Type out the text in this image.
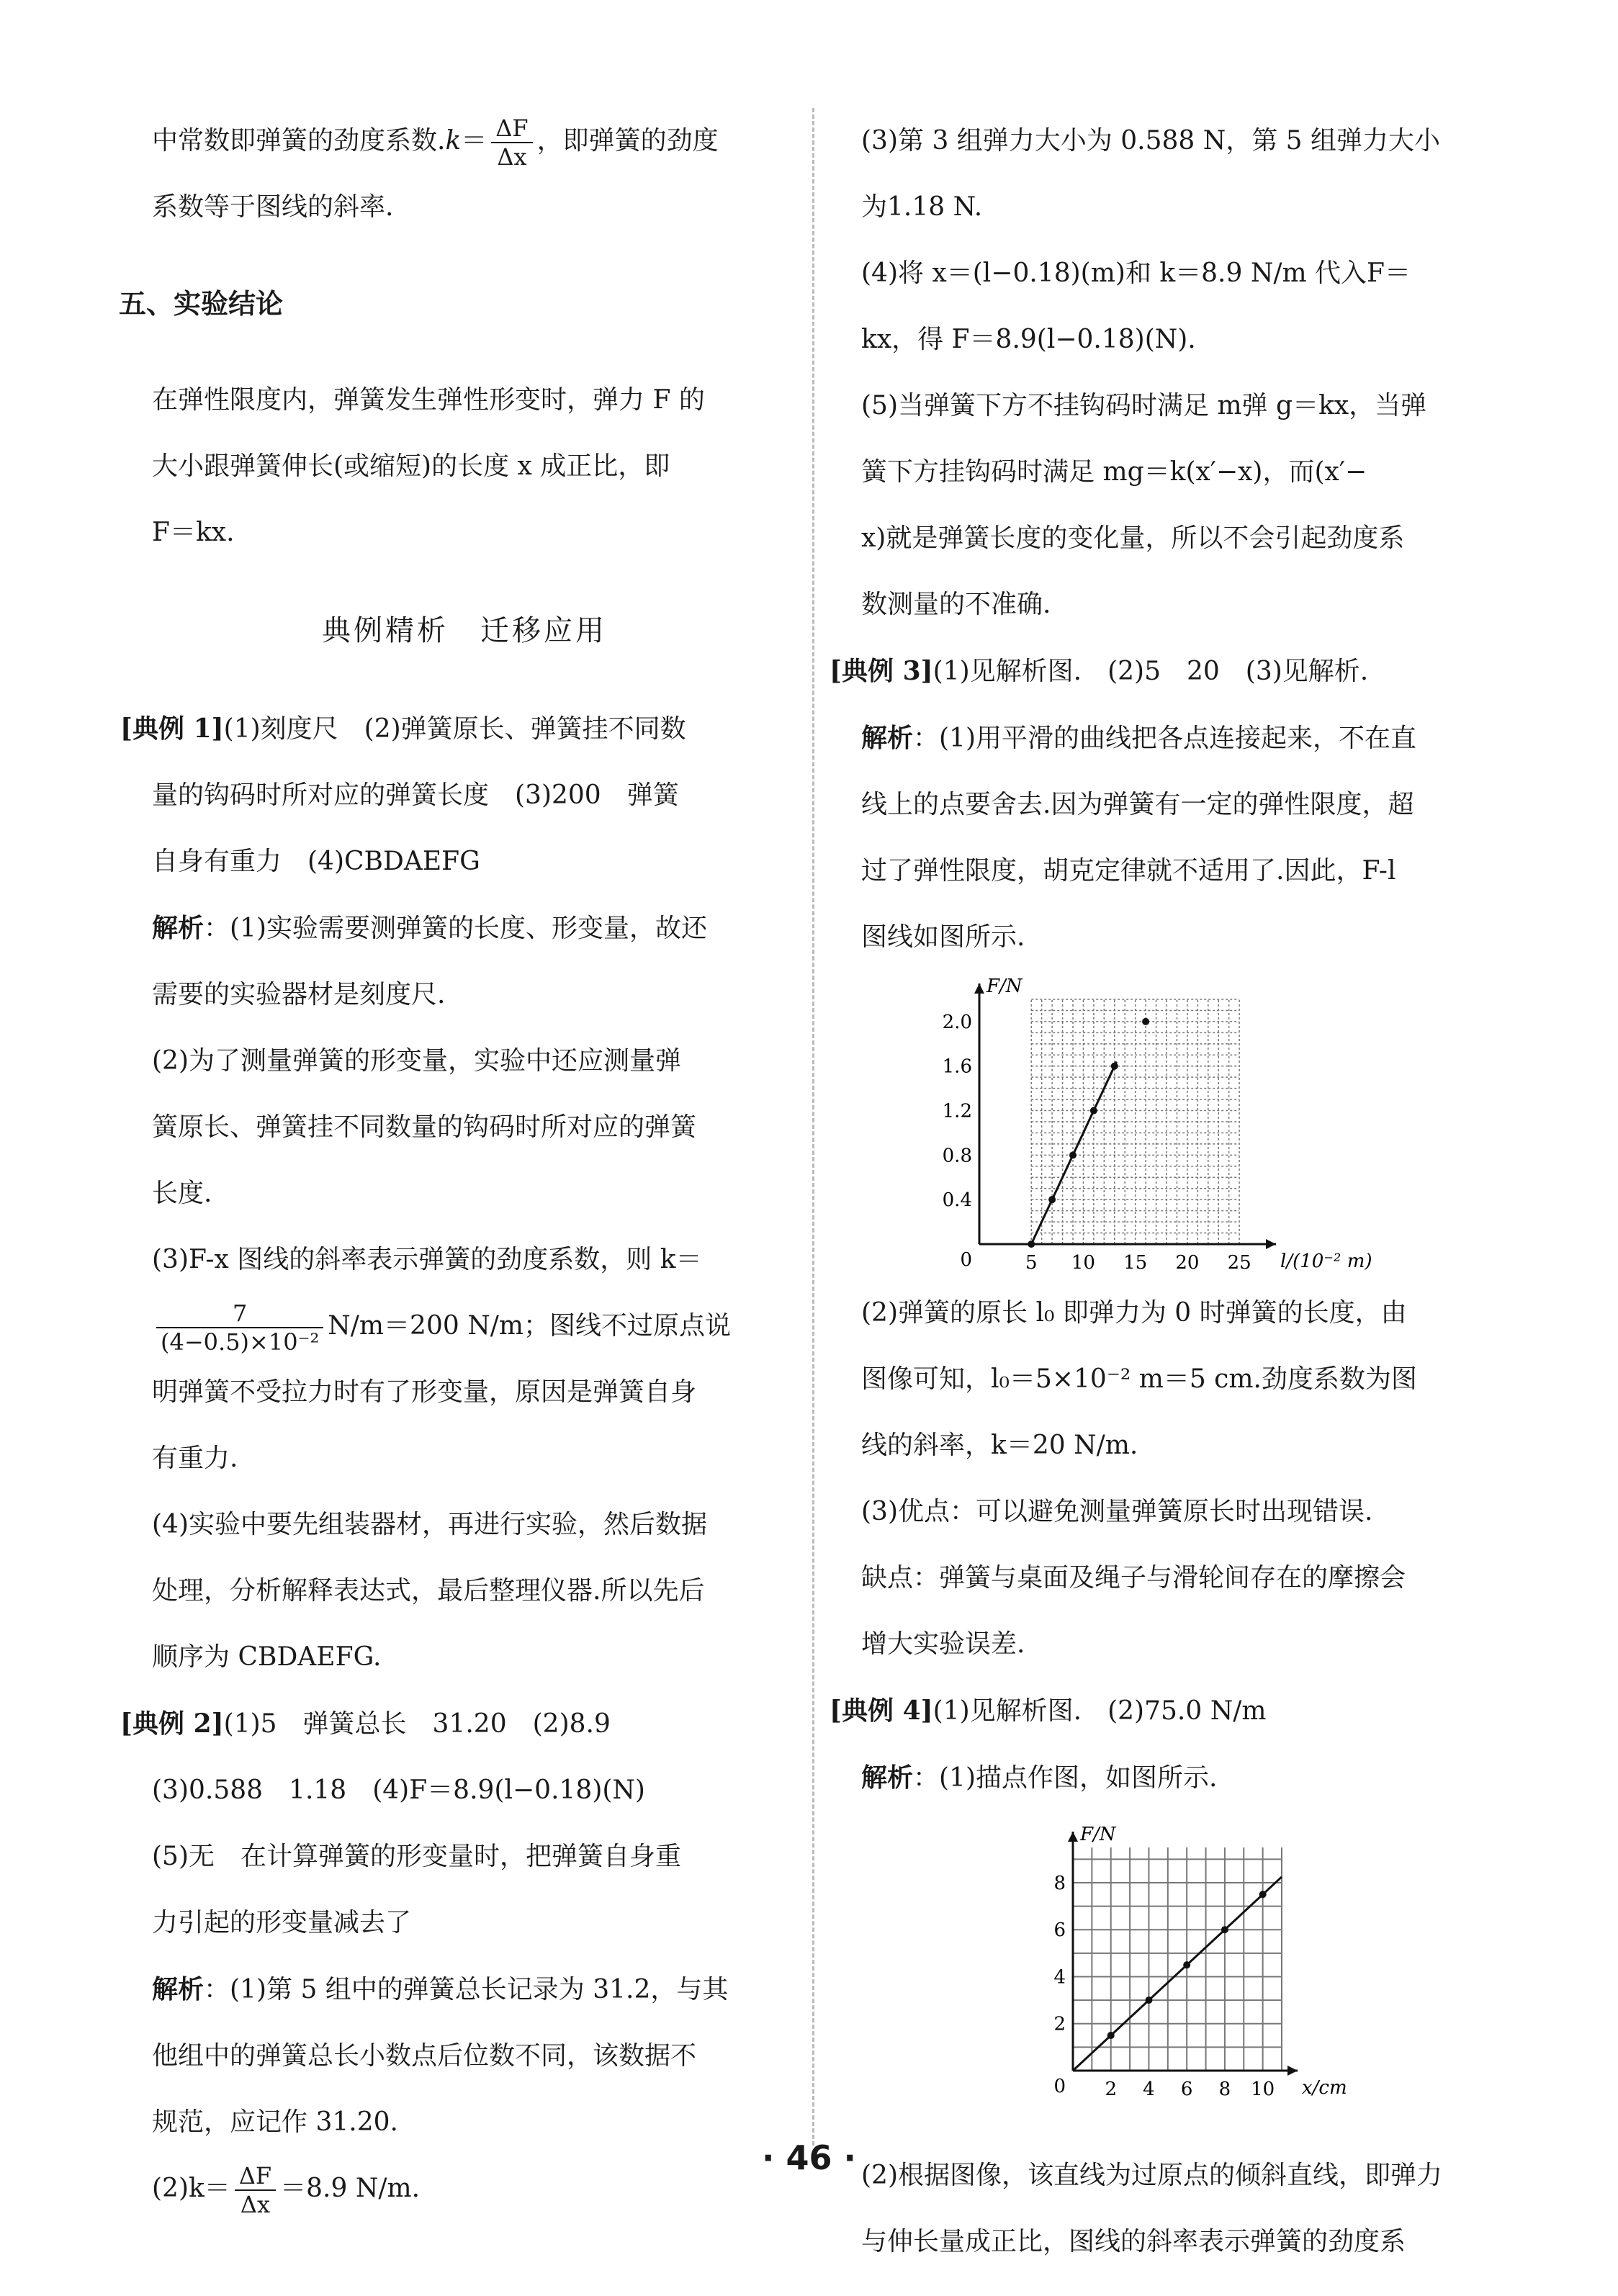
中常数即弹簧的劲度系数$.k= \frac{\Delta F}{\Delta x}$ ，即弹簧的劲度

系数等于图线的斜率.

五、实验结论

在弹性限度内，弹簧发生弹性形变时，弹力 F 的

大小跟弹簧伸长(或缩短)的长度 x 成正比，即

F＝kx.

典例精析　迁移应用

[典例 1](1)刻度尺　(2)弹簧原长、弹簧挂不同数

量的钩码时所对应的弹簧长度　(3)200　弹簧

自身有重力　(4)CBDAEFG

解析：(1)实验需要测弹簧的长度、形变量，故还

需要的实验器材是刻度尺.

(2)为了测量弹簧的形变量，实验中还应测量弹

簧原长、弹簧挂不同数量的钩码时所对应的弹簧

长度.

(3)F-x 图线的斜率表示弹簧的劲度系数，则 k＝

$\frac{7}{\text{(4−0.5)×10⁻²}} N/m=200$ N/m；图线不过原点说

明弹簧不受拉力时有了形变量，原因是弹簧自身

有重力.

(4)实验中要先组装器材，再进行实验，然后数据

处理，分析解释表达式，最后整理仪器.所以先后

顺序为 CBDAEFG.

[典例 2](1)5　弹簧总长　31.20　(2)8.9

(3)0.588　1.18　(4)F＝8.9(l−0.18)(N)

(5)无　在计算弹簧的形变量时，把弹簧自身重

力引起的形变量减去了

解析：(1)第 5 组中的弹簧总长记录为 31.2，与其

他组中的弹簧总长小数点后位数不同，该数据不

规范，应记作 31.20.

$(2)k= \frac{\Delta F}{\Delta x} =8.9$ N/m.

(3)第 3 组弹力大小为 0.588 N，第 5 组弹力大小

为1.18 N.

(4)将 x＝(l−0.18)(m)和 k＝8.9 N/m 代入F＝

kx，得 F＝8.9(l−0.18)(N).

(5)当弹簧下方不挂钩码时满足 m弹 g＝kx，当弹

簧下方挂钩码时满足 mg＝k(x′−x)，而(x′−

x)就是弹簧长度的变化量，所以不会引起劲度系

数测量的不准确.

[典例 3](1)见解析图.　(2)5　20　(3)见解析.

解析：(1)用平滑的曲线把各点连接起来，不在直

线上的点要舍去.因为弹簧有一定的弹性限度，超

过了弹性限度，胡克定律就不适用了.因此，F-l

图线如图所示.

5 10 15 20 25
0.4
0.8
1.2
1.6
2.0
0	l/(10⁻² m)
F/N

(2)弹簧的原长 l₀ 即弹力为 0 时弹簧的长度，由

图像可知，l₀＝5×10⁻² m＝5 cm.劲度系数为图

线的斜率，k＝20 N/m.

(3)优点：可以避免测量弹簧原长时出现错误.

缺点：弹簧与桌面及绳子与滑轮间存在的摩擦会

增大实验误差.

[典例 4](1)见解析图.　(2)75.0 N/m

解析：(1)描点作图，如图所示.

2 4 6 8 10
2
4
6
8
0	x/cm
F/N

(2)根据图像，该直线为过原点的倾斜直线，即弹力

与伸长量成正比，图线的斜率表示弹簧的劲度系

· 46 ·
